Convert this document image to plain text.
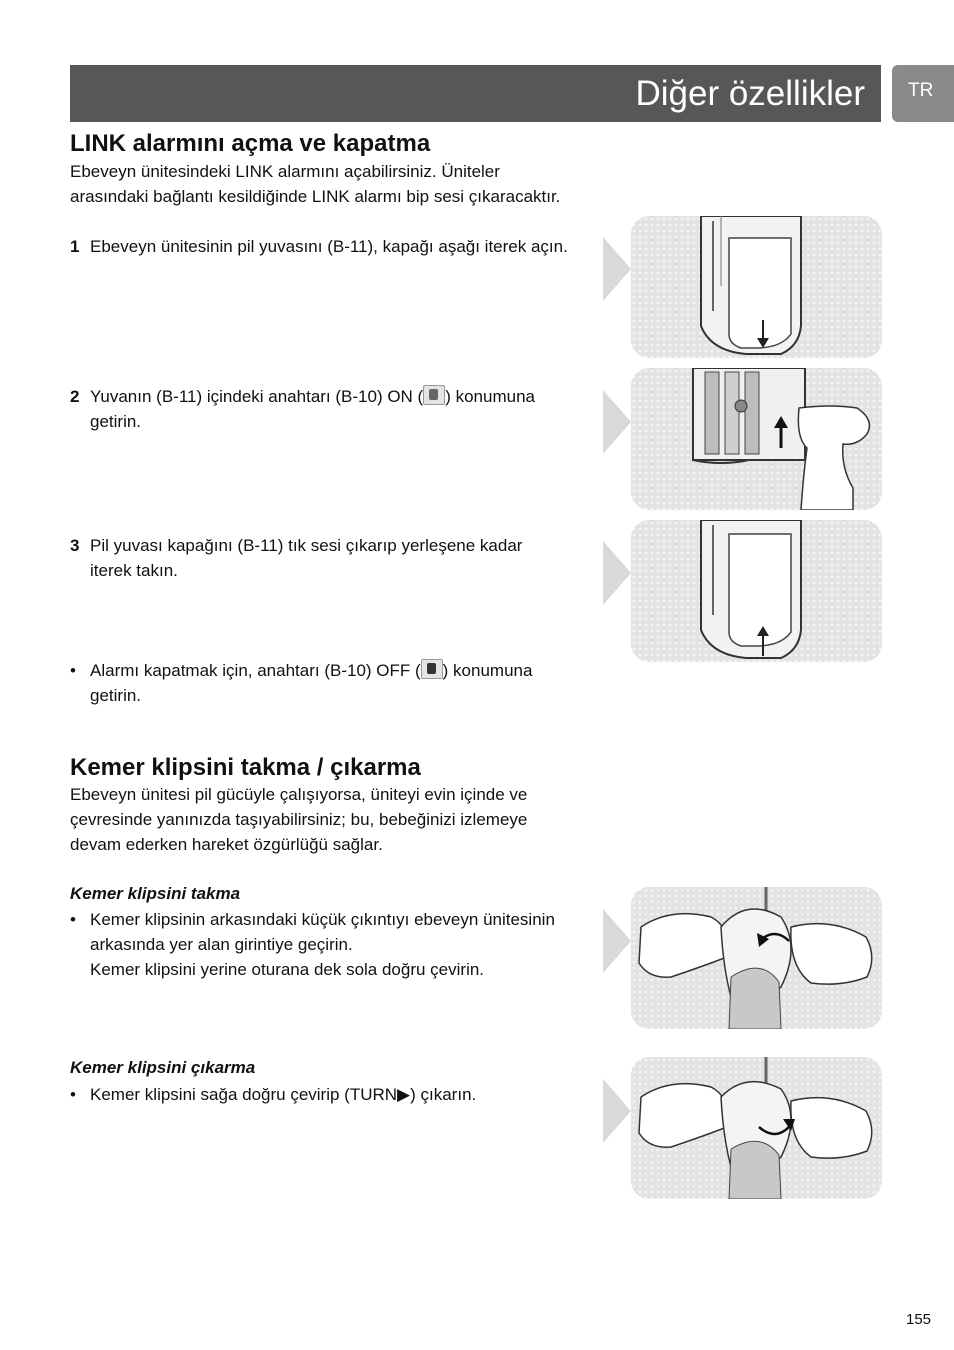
Diğer özellikler TR
LINK alarmını açma ve kapatma
Ebeveyn ünitesindeki LINK alarmını açabilirsiniz. Üniteler
arasındaki bağlantı kesildiğinde LINK alarmı bip sesi çıkaracaktır.
1 Ebeveyn ünitesinin pil yuvasını (B-11), kapağı aşağı iterek açın.
2 Yuvanın (B-11) içindeki anahtarı (B-10) ON ( ) konumuna
getirin.
3 Pil yuvası kapağını (B-11) tık sesi çıkarıp yerleşene kadar
iterek takın.
• Alarmı kapatmak için, anahtarı (B-10) OFF ( ) konumuna
getirin.
Kemer klipsini takma / çıkarma
Ebeveyn ünitesi pil gücüyle çalışıyorsa, üniteyi evin içinde ve
çevresinde yanınızda taşıyabilirsiniz; bu, bebeğinizi izlemeye
devam ederken hareket özgürlüğü sağlar.
Kemer klipsini takma
• Kemer klipsinin arkasındaki küçük çıkıntıyı ebeveyn ünitesinin
arkasında yer alan girintiye geçirin.
Kemer klipsini yerine oturana dek sola doğru çevirin.
Kemer klipsini çıkarma
• Kemer klipsini sağa doğru çevirip (TURN▶) çıkarın.
155
